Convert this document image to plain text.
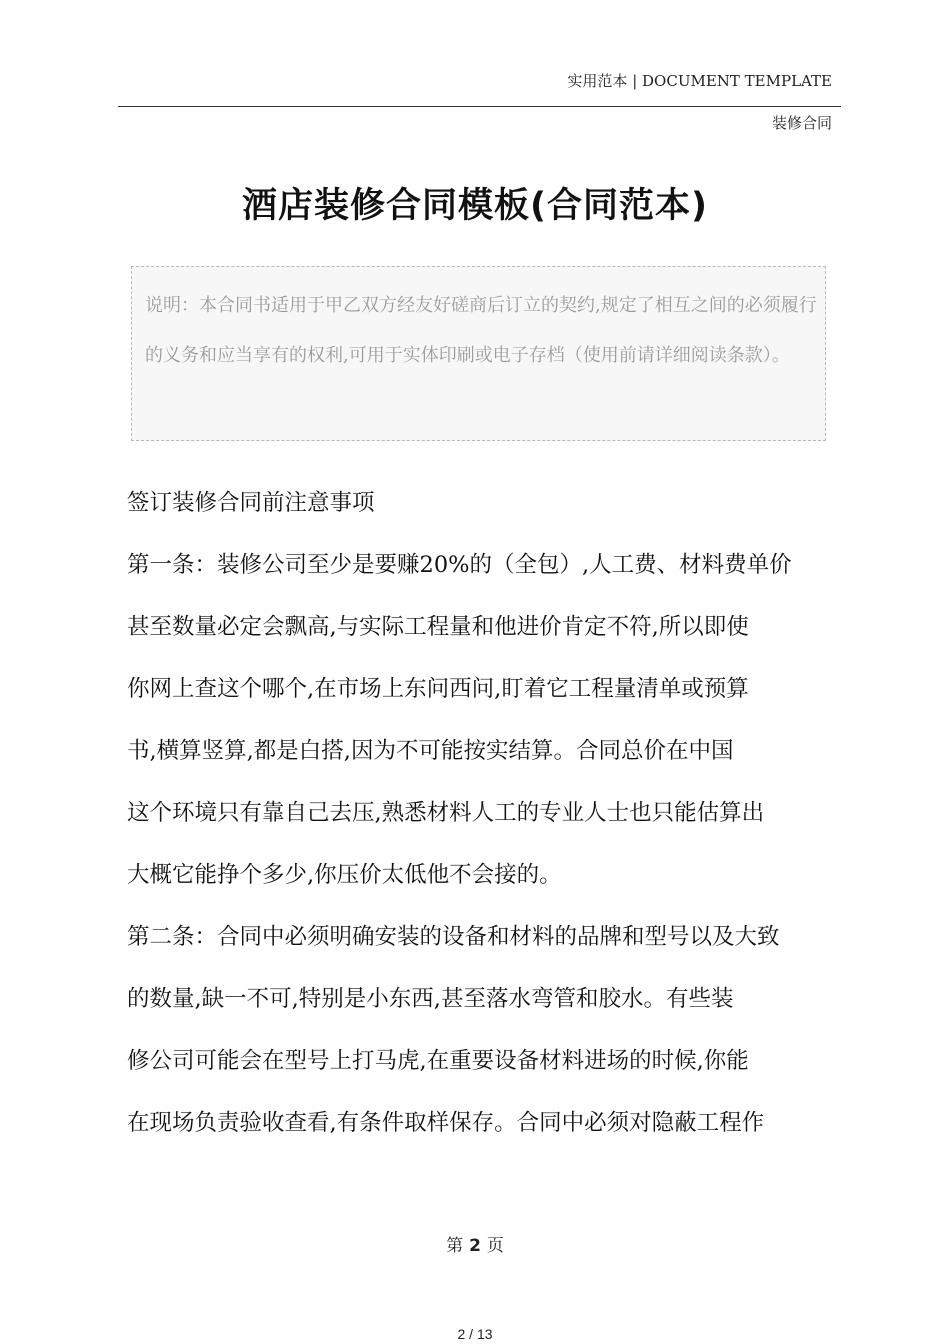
实用范本 | DOCUMENT TEMPLATE
装修合同
酒店装修合同模板(合同范本)
说明：本合同书适用于甲乙双方经友好磋商后订立的契约,规定了相互之间的必须履行的义务和应当享有的权利,可用于实体印刷或电子存档（使用前请详细阅读条款）。
签订装修合同前注意事项
第一条：装修公司至少是要赚20%的（全包）,人工费、材料费单价
甚至数量必定会飘高,与实际工程量和他进价肯定不符,所以即使
你网上查这个哪个,在市场上东问西问,盯着它工程量清单或预算
书,横算竖算,都是白搭,因为不可能按实结算。合同总价在中国
这个环境只有靠自己去压,熟悉材料人工的专业人士也只能估算出
大概它能挣个多少,你压价太低他不会接的。
第二条：合同中必须明确安装的设备和材料的品牌和型号以及大致
的数量,缺一不可,特别是小东西,甚至落水弯管和胶水。有些装
修公司可能会在型号上打马虎,在重要设备材料进场的时候,你能
在现场负责验收查看,有条件取样保存。合同中必须对隐蔽工程作
第 2 页
2 / 13
